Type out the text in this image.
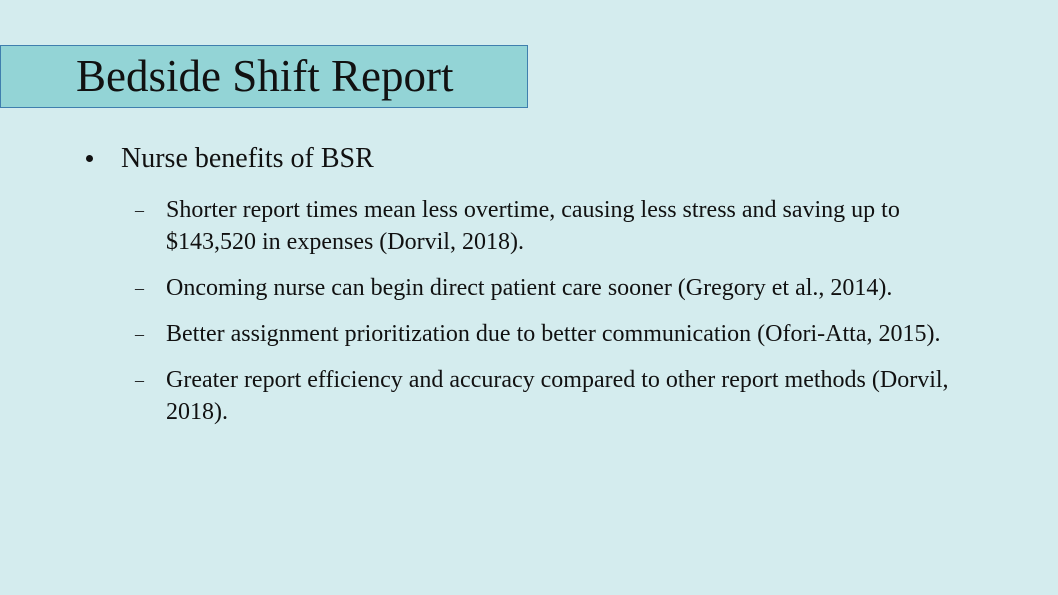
Bedside Shift Report
Nurse benefits of BSR
– Shorter report times mean less overtime, causing less stress and saving up to $143,520 in expenses (Dorvil, 2018).
– Oncoming nurse can begin direct patient care sooner (Gregory et al., 2014).
– Better assignment prioritization due to better communication (Ofori-Atta, 2015).
– Greater report efficiency and accuracy compared to other report methods (Dorvil, 2018).
